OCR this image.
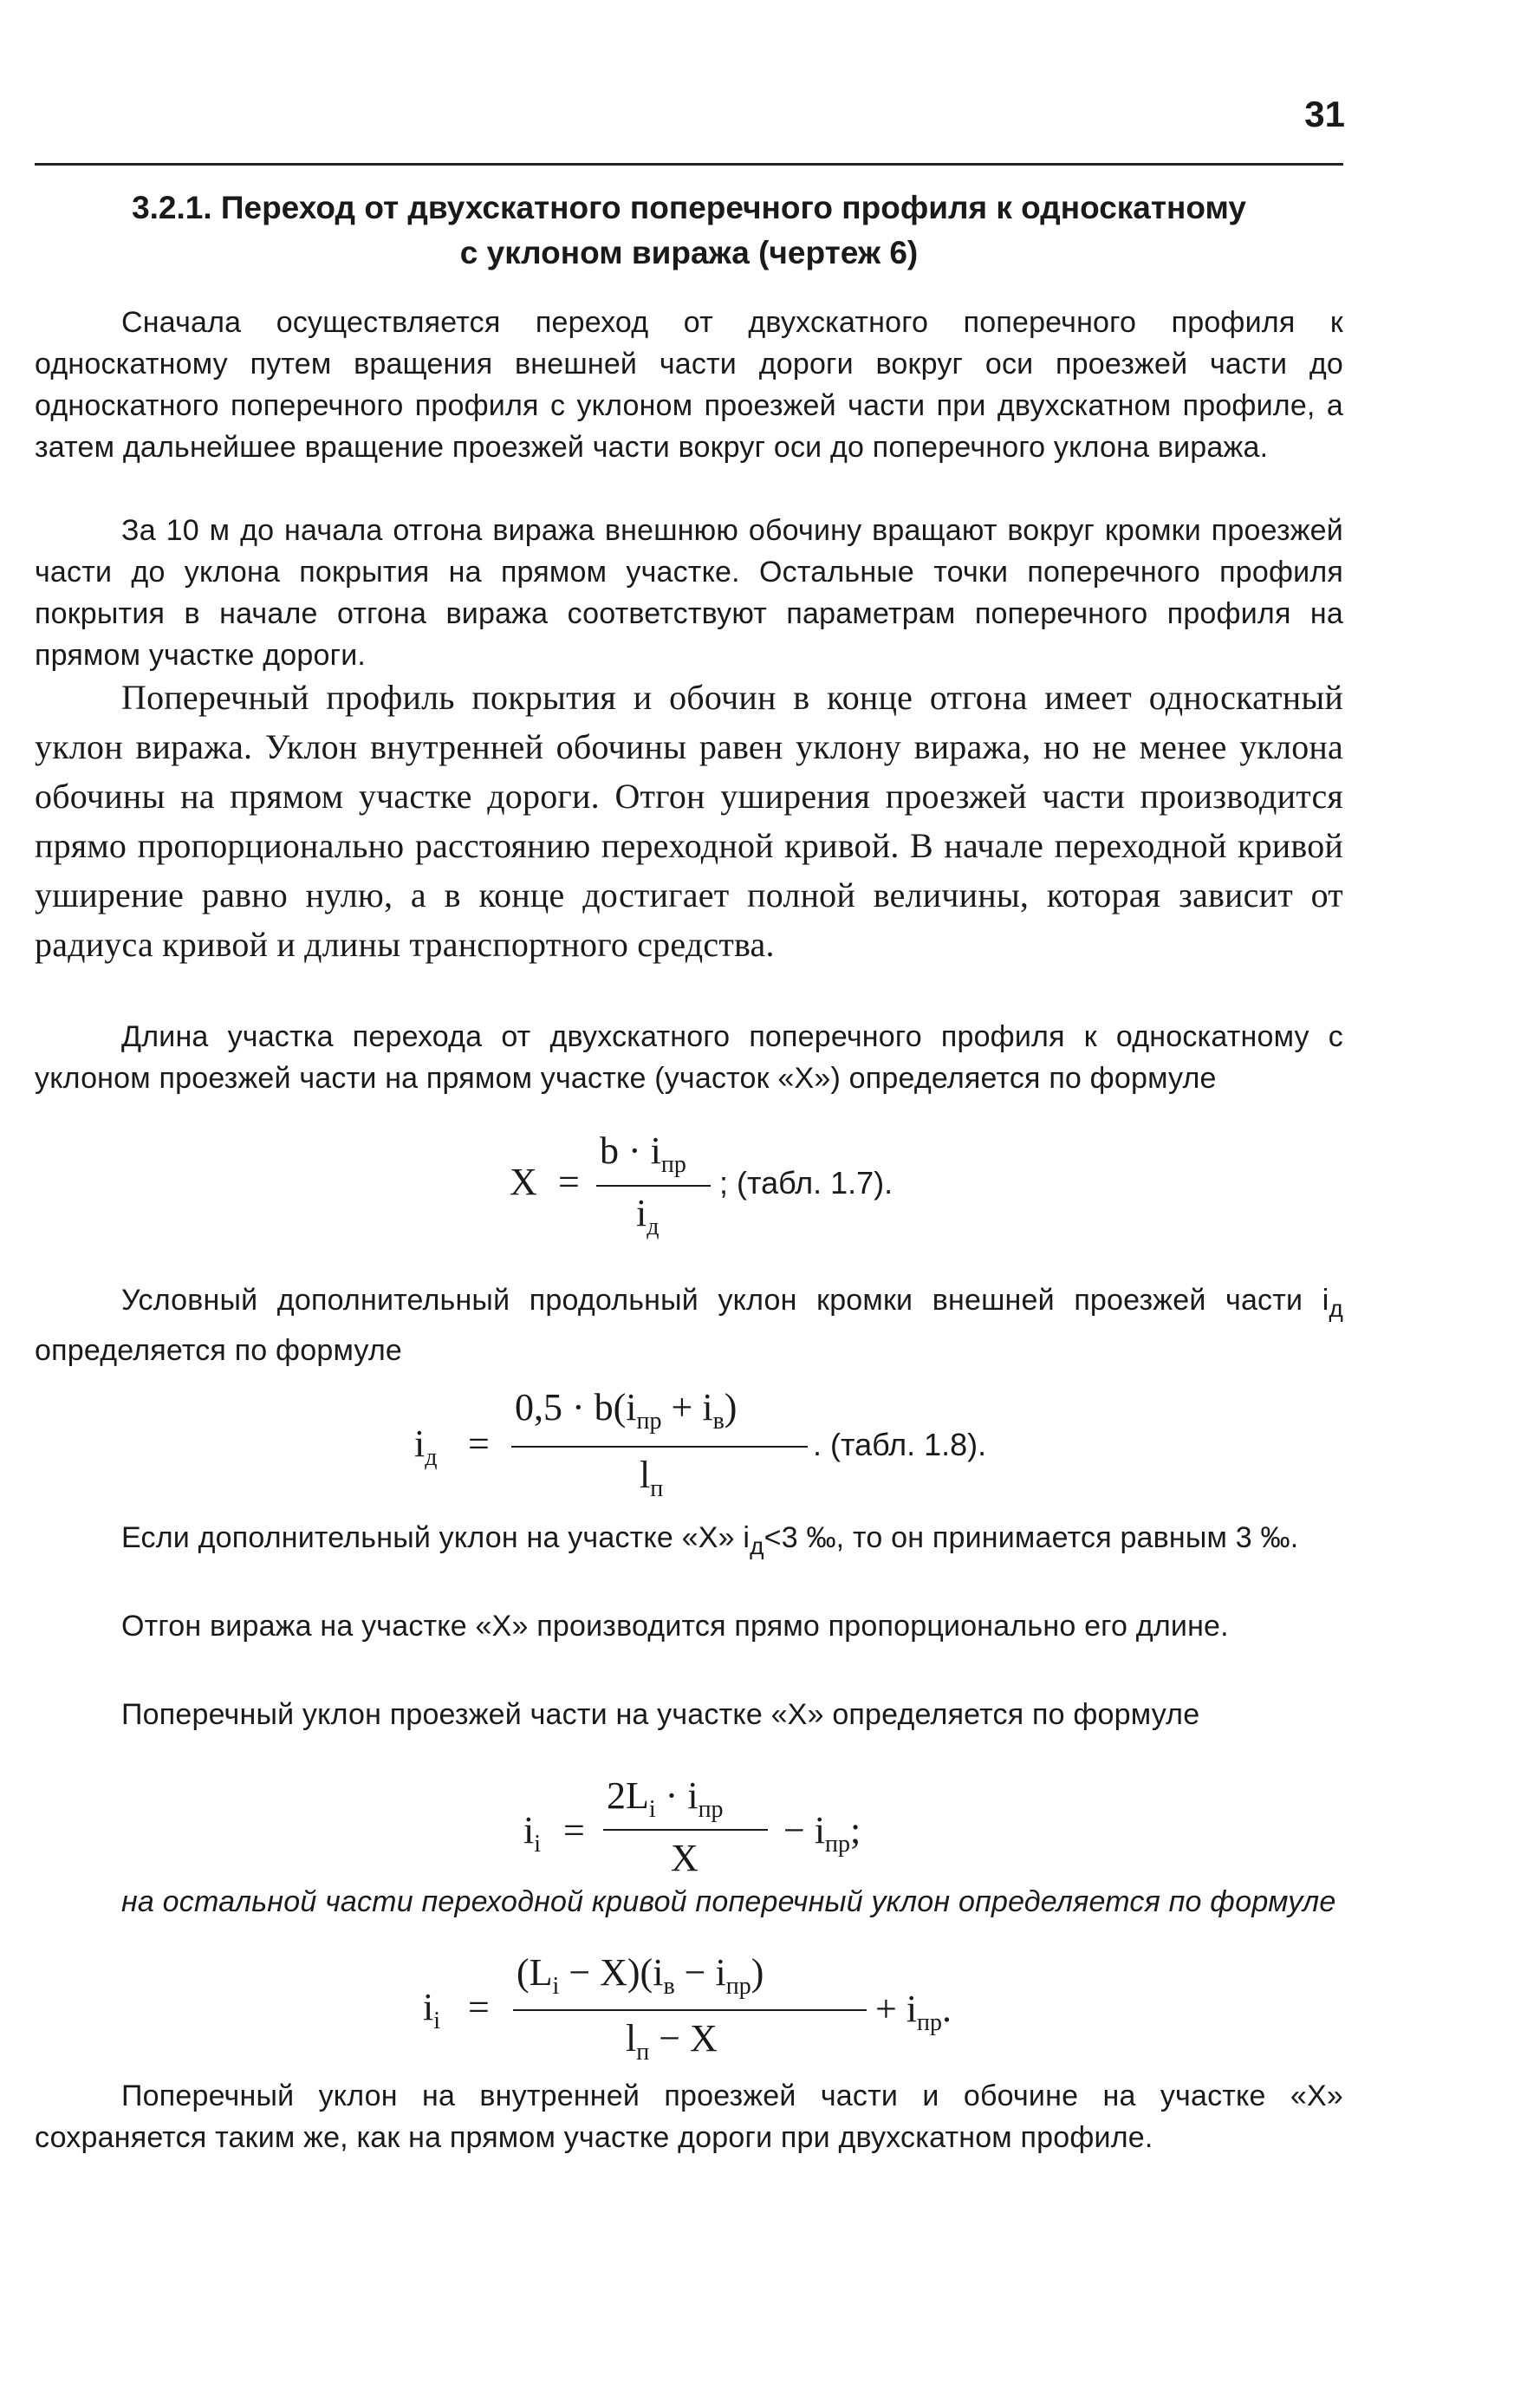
31
3.2.1. Переход от двухскатного поперечного профиля к односкатному
с уклоном виража (чертеж 6)

Сначала осуществляется переход от двухскатного поперечного профиля к односкатному путем вращения внешней части дороги вокруг оси проезжей части до односкатного поперечного профиля с уклоном проезжей части при двухскатном профиле, а затем дальнейшее вращение проезжей части вокруг оси до поперечного уклона виража.

За 10 м до начала отгона виража внешнюю обочину вращают вокруг кромки проезжей части до уклона покрытия на прямом участке. Остальные точки поперечного профиля покрытия в начале отгона виража соответствуют параметрам поперечного профиля на прямом участке дороги.

Поперечный профиль покрытия и обочин в конце отгона имеет односкатный уклон виража. Уклон внутренней обочины равен уклону виража, но не менее уклона обочины на прямом участке дороги. Отгон уширения проезжей части производится прямо пропорционально расстоянию переходной кривой. В начале переходной кривой уширение равно нулю, а в конце достигает полной величины, которая зависит от радиуса кривой и длины транспортного средства.

Длина участка перехода от двухскатного поперечного профиля к односкатному с уклоном проезжей части на прямом участке (участок «X») определяется по формуле

X =
$b \cdot i_{пр}$
$i_д$
; (табл. 1.7).

Условный дополнительный продольный уклон кромки внешней проезжей части $i_д$ определяется по формуле

$i_д$ =
$0,5 \cdot b(i_{пр} + i_в)$
$l_п$
. (табл. 1.8).

Если дополнительный уклон на участке «X» $i_д<3$ ‰, то он принимается равным 3 ‰.

Отгон виража на участке «X» производится прямо пропорционально его длине.

Поперечный уклон проезжей части на участке «X» определяется по формуле

$i_i$ =
$2L_i \cdot i_{пр}$
X
− $i_{пр}$;

на остальной части переходной кривой поперечный уклон определяется по формуле

$i_i$ =
$(L_i - X)(i_в - i_{пр})$
$l_п - X$
+ $i_{пр}$.

Поперечный уклон на внутренней проезжей части и обочине на участке «X» сохраняется таким же, как на прямом участке дороги при двухскатном профиле.
